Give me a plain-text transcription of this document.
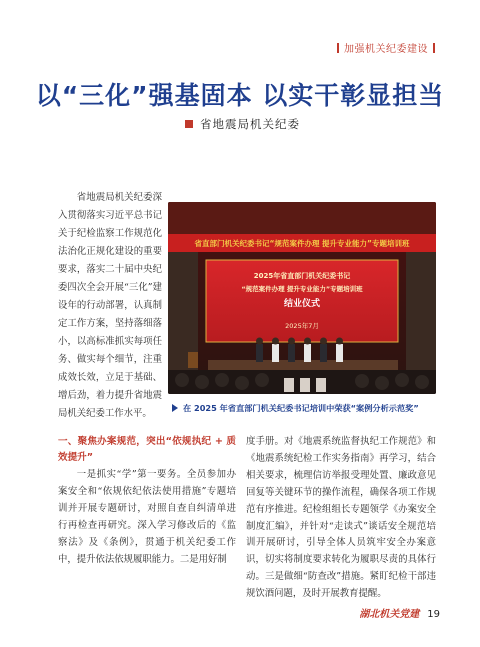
加强机关纪委建设
以“三化”强基固本 以实干彰显担当
省地震局机关纪委
省地震局机关纪委深入贯彻落实习近平总书记关于纪检监察工作规范化法治化正规化建设的重要要求，落实二十届中央纪委四次全会开展“三化”建设年的行动部署，认真制定工作方案，坚持落细落小，以高标准抓实每项任务、做实每个细节，注重成效长效，立足于基础、增后劲，着力提升省地震局机关纪委工作水平。
省直部门机关纪委书记“规范案件办理 提升专业能力”专题培训班
2025年省直部门机关纪委书记
“规范案件办理 提升专业能力”专题培训班
结业仪式
2025年7月
在 2025 年省直部门机关纪委书记培训中荣获“案例分析示范奖”
一、聚焦办案规范，突出“依规执纪 + 质效提升”
一是抓实“学”第一要务。全员参加办案安全和“依规依纪依法使用措施”专题培训并开展专题研讨，对照自查自纠清单进行再检查再研究。深入学习修改后的《监察法》及《条例》，贯通于机关纪委工作中，提升依法依规履职能力。二是用好制
度手册。对《地震系统监督执纪工作规范》和《地震系统纪检工作实务指南》再学习，结合相关要求，梳理信访举报受理处置、廉政意见回复等关键环节的操作流程，确保各项工作规范有序推进。纪检组组长专题领学《办案安全制度汇编》，并针对“走读式”谈话安全规范培训开展研讨，引导全体人员筑牢安全办案意识，切实将制度要求转化为履职尽责的具体行动。三是做细“防查改”措施。紧盯纪检干部违规饮酒问题，及时开展教育提醒。
湖北机关党建 19
